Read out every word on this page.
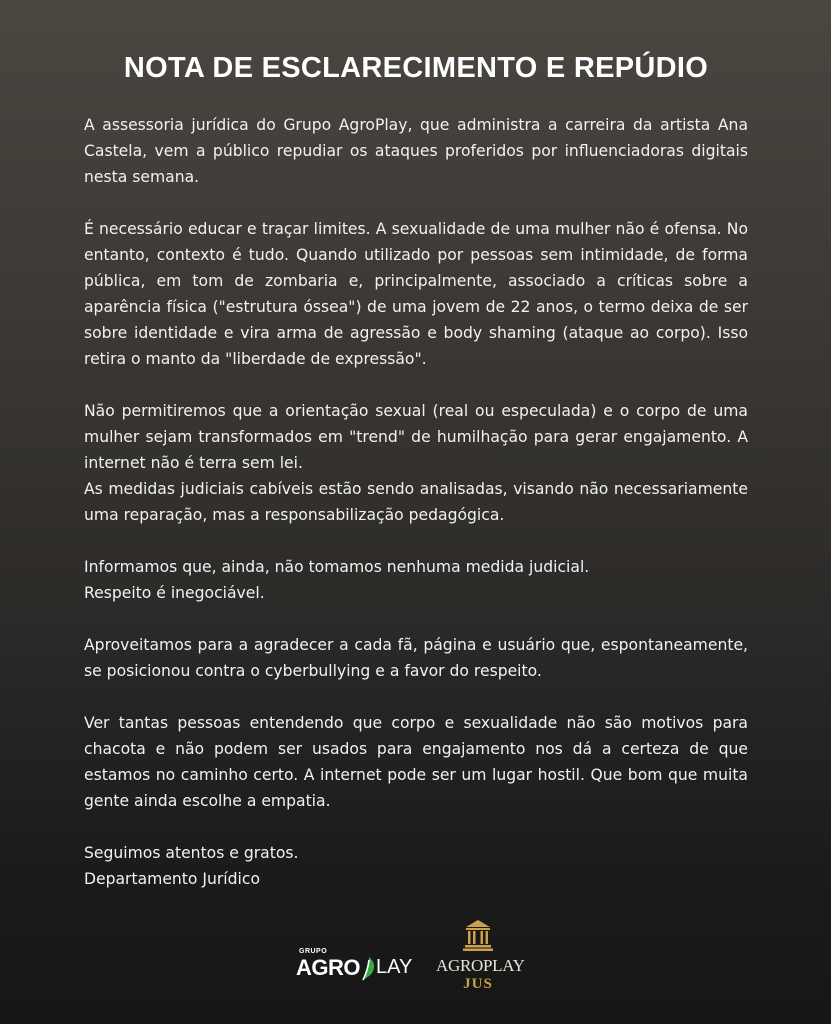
NOTA DE ESCLARECIMENTO E REPÚDIO

A assessoria jurídica do Grupo AgroPlay, que administra a carreira da artista Ana Castela, vem a público repudiar os ataques proferidos por influenciadoras digitais nesta semana.

É necessário educar e traçar limites. A sexualidade de uma mulher não é ofensa. No entanto, contexto é tudo. Quando utilizado por pessoas sem intimidade, de forma pública, em tom de zombaria e, principalmente, associado a críticas sobre a aparência física ("estrutura óssea") de uma jovem de 22 anos, o termo deixa de ser sobre identidade e vira arma de agressão e body shaming (ataque ao corpo). Isso retira o manto da "liberdade de expressão".

Não permitiremos que a orientação sexual (real ou especulada) e o corpo de uma mulher sejam transformados em "trend" de humilhação para gerar engajamento. A internet não é terra sem lei.
As medidas judiciais cabíveis estão sendo analisadas, visando não necessariamente uma reparação, mas a responsabilização pedagógica.
Informamos que, ainda, não tomamos nenhuma medida judicial.
Respeito é inegociável.

Aproveitamos para a agradecer a cada fã, página e usuário que, espontaneamente, se posicionou contra o cyberbullying e a favor do respeito.

Ver tantas pessoas entendendo que corpo e sexualidade não são motivos para chacota e não podem ser usados para engajamento nos dá a certeza de que estamos no caminho certo. A internet pode ser um lugar hostil. Que bom que muita gente ainda escolhe a empatia.

Seguimos atentos e gratos.
Departamento Jurídico
GRUPO
AGRO LAY AGROPLAY
JUS
